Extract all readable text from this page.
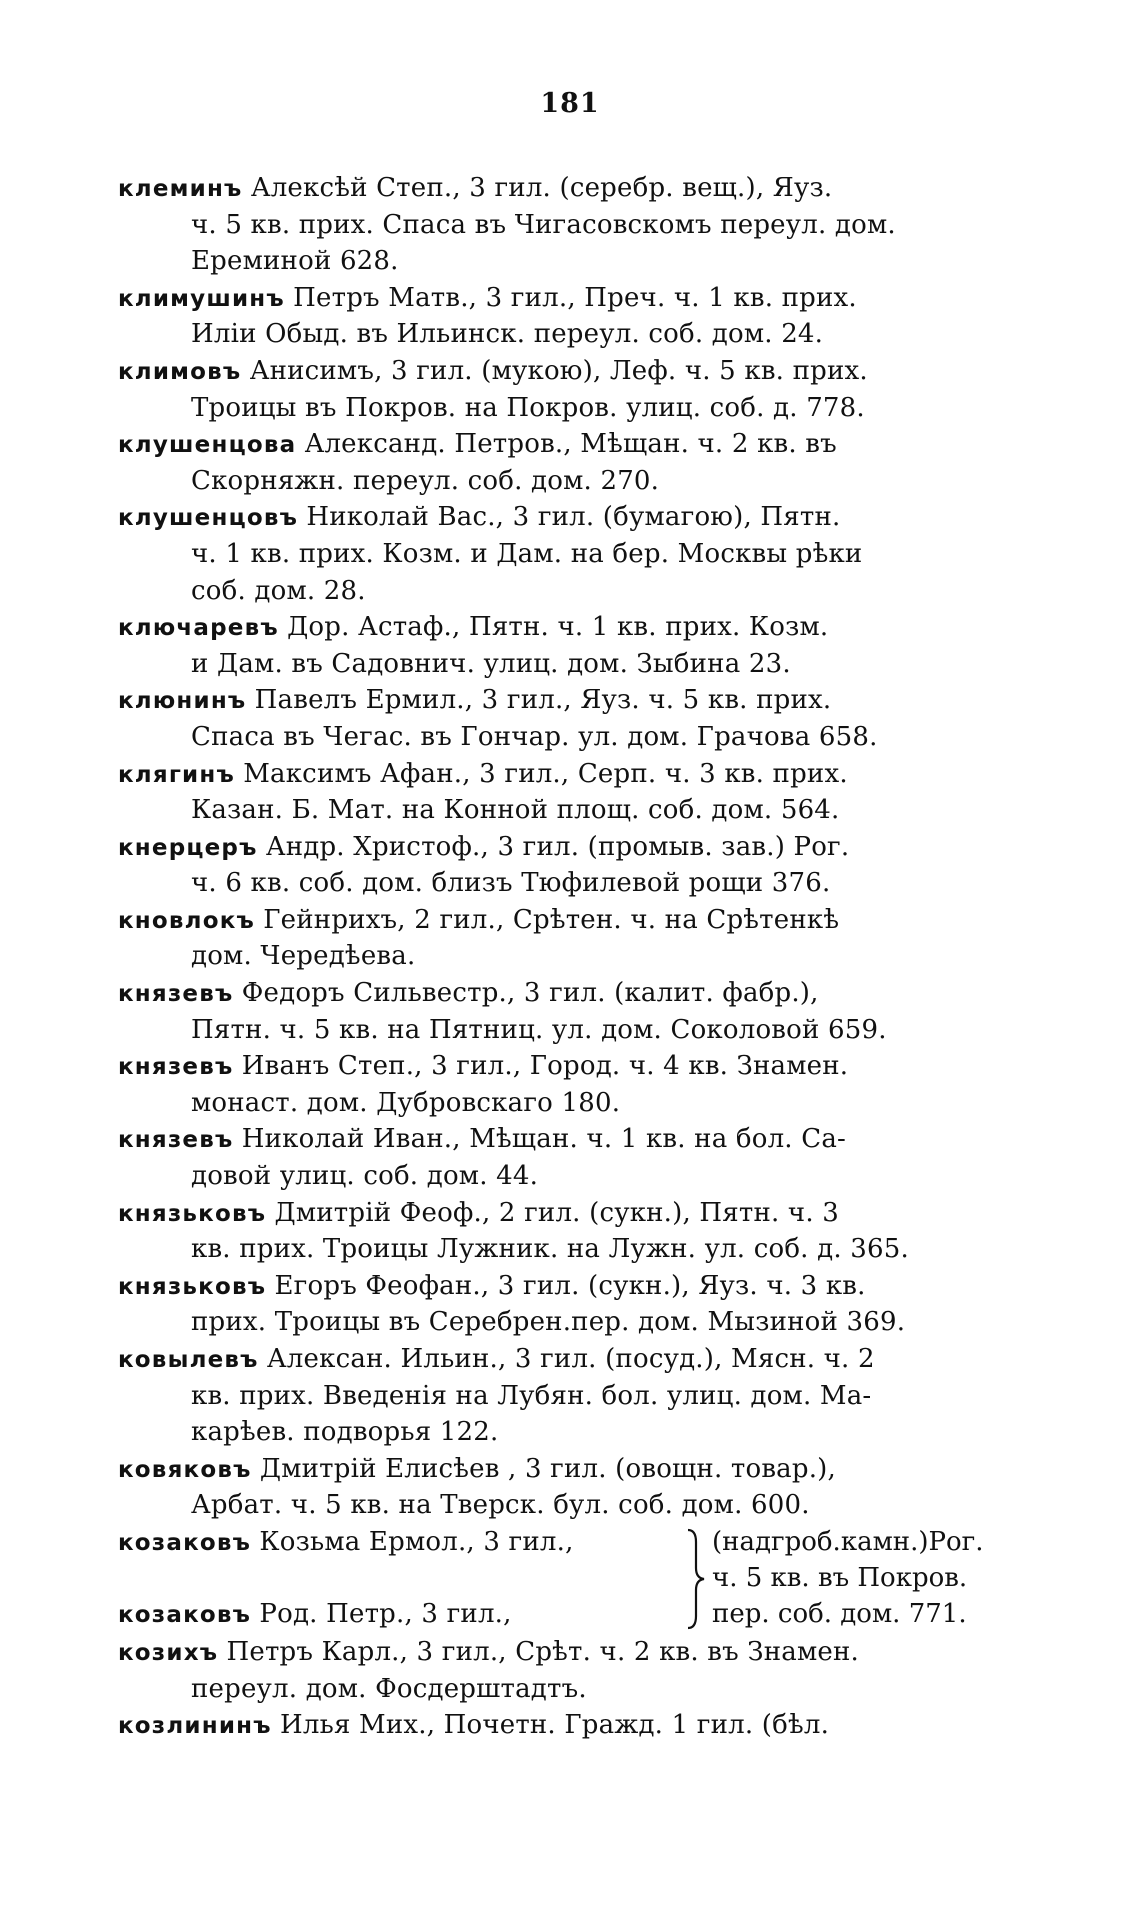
181
клеминъ Алексѣй Степ., 3 гил. (серебр. вещ.), Яуз.
ч. 5 кв. прих. Спаса въ Чигасовскомъ переул. дом.
Ереминой 628.
климушинъ Петръ Матв., 3 гил., Преч. ч. 1 кв. прих.
Иліи Обыд. въ Ильинск. переул. соб. дом. 24.
климовъ Анисимъ, 3 гил. (мукою), Леф. ч. 5 кв. прих.
Троицы въ Покров. на Покров. улиц. соб. д. 778.
клушенцова Александ. Петров., Мѣщан. ч. 2 кв. въ
Скорняжн. переул. соб. дом. 270.
клушенцовъ Николай Вас., 3 гил. (бумагою), Пятн.
ч. 1 кв. прих. Козм. и Дам. на бер. Москвы рѣки
соб. дом. 28.
ключаревъ Дор. Астаф., Пятн. ч. 1 кв. прих. Козм.
и Дам. въ Садовнич. улиц. дом. Зыбина 23.
клюнинъ Павелъ Ермил., 3 гил., Яуз. ч. 5 кв. прих.
Спаса въ Чегас. въ Гончар. ул. дом. Грачова 658.
клягинъ Максимъ Афан., 3 гил., Серп. ч. 3 кв. прих.
Казан. Б. Мат. на Конной площ. соб. дом. 564.
кнерцеръ Андр. Христоф., 3 гил. (промыв. зав.) Рог.
ч. 6 кв. соб. дом. близъ Тюфилевой рощи 376.
кновлокъ Гейнрихъ, 2 гил., Срѣтен. ч. на Срѣтенкѣ
дом. Чередѣева.
князевъ Федоръ Сильвестр., 3 гил. (калит. фабр.),
Пятн. ч. 5 кв. на Пятниц. ул. дом. Соколовой 659.
князевъ Иванъ Степ., 3 гил., Город. ч. 4 кв. Знамен.
монаст. дом. Дубровскаго 180.
князевъ Николай Иван., Мѣщан. ч. 1 кв. на бол. Са-
довой улиц. соб. дом. 44.
князьковъ Дмитрій Феоф., 2 гил. (сукн.), Пятн. ч. 3
кв. прих. Троицы Лужник. на Лужн. ул. соб. д. 365.
князьковъ Егоръ Феофан., 3 гил. (сукн.), Яуз. ч. 3 кв.
прих. Троицы въ Серебрен.пер. дом. Мызиной 369.
ковылевъ Алексан. Ильин., 3 гил. (посуд.), Мясн. ч. 2
кв. прих. Введенія на Лубян. бол. улиц. дом. Ма-
карѣев. подворья 122.
ковяковъ Дмитрій Елисѣев , 3 гил. (овощн. товар.),
Арбат. ч. 5 кв. на Тверск. бул. соб. дом. 600.
козаковъ Козьма Ермол., 3 гил.,
козаковъ Род. Петр., 3 гил.,
(надгроб.камн.)Рог.
ч. 5 кв. въ Покров.
пер. соб. дом. 771.
козихъ Петръ Карл., 3 гил., Срѣт. ч. 2 кв. въ Знамен.
переул. дом. Фосдерштадтъ.
козлининъ Илья Мих., Почетн. Гражд. 1 гил. (бѣл.
